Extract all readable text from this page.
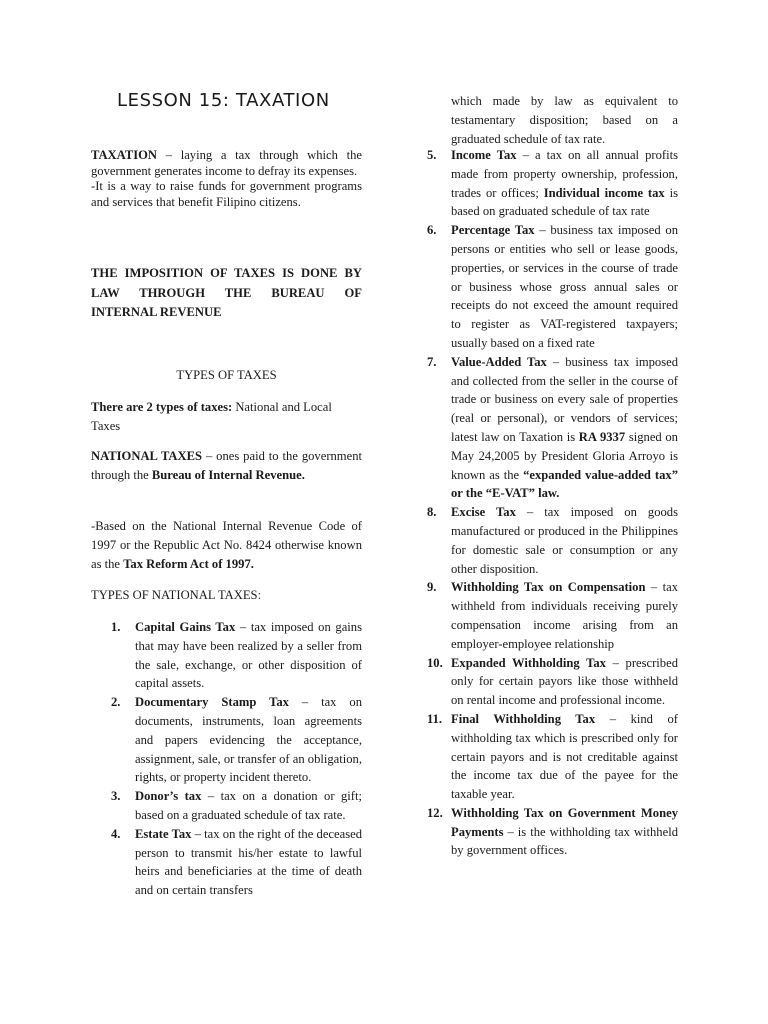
LESSON 15: TAXATION

TAXATION – laying a tax through which the government generates income to defray its expenses.
-It is a way to raise funds for government programs and services that benefit Filipino citizens.

THE IMPOSITION OF TAXES IS DONE BY LAW THROUGH THE BUREAU OF INTERNAL REVENUE

TYPES OF TAXES

There are 2 types of taxes: National and Local Taxes

NATIONAL TAXES – ones paid to the government through the Bureau of Internal Revenue.

-Based on the National Internal Revenue Code of 1997 or the Republic Act No. 8424 otherwise known as the Tax Reform Act of 1997.

TYPES OF NATIONAL TAXES:

1. Capital Gains Tax – tax imposed on gains that may have been realized by a seller from the sale, exchange, or other disposition of capital assets.
2. Documentary Stamp Tax – tax on documents, instruments, loan agreements and papers evidencing the acceptance, assignment, sale, or transfer of an obligation, rights, or property incident thereto.
3. Donor’s tax – tax on a donation or gift; based on a graduated schedule of tax rate.
4. Estate Tax – tax on the right of the deceased person to transmit his/her estate to lawful heirs and beneficiaries at the time of death and on certain transfers

which made by law as equivalent to testamentary disposition; based on a graduated schedule of tax rate.

5. Income Tax – a tax on all annual profits made from property ownership, profession, trades or offices; Individual income tax is based on graduated schedule of tax rate
6. Percentage Tax – business tax imposed on persons or entities who sell or lease goods, properties, or services in the course of trade or business whose gross annual sales or receipts do not exceed the amount required to register as VAT-registered taxpayers; usually based on a fixed rate
7. Value-Added Tax – business tax imposed and collected from the seller in the course of trade or business on every sale of properties (real or personal), or vendors of services; latest law on Taxation is RA 9337 signed on May 24,2005 by President Gloria Arroyo is known as the “expanded value-added tax” or the “E-VAT” law.
8. Excise Tax – tax imposed on goods manufactured or produced in the Philippines for domestic sale or consumption or any other disposition.
9. Withholding Tax on Compensation – tax withheld from individuals receiving purely compensation income arising from an employer-employee relationship
10. Expanded Withholding Tax – prescribed only for certain payors like those withheld on rental income and professional income.
11. Final Withholding Tax – kind of withholding tax which is prescribed only for certain payors and is not creditable against the income tax due of the payee for the taxable year.
12. Withholding Tax on Government Money Payments – is the withholding tax withheld by government offices.
